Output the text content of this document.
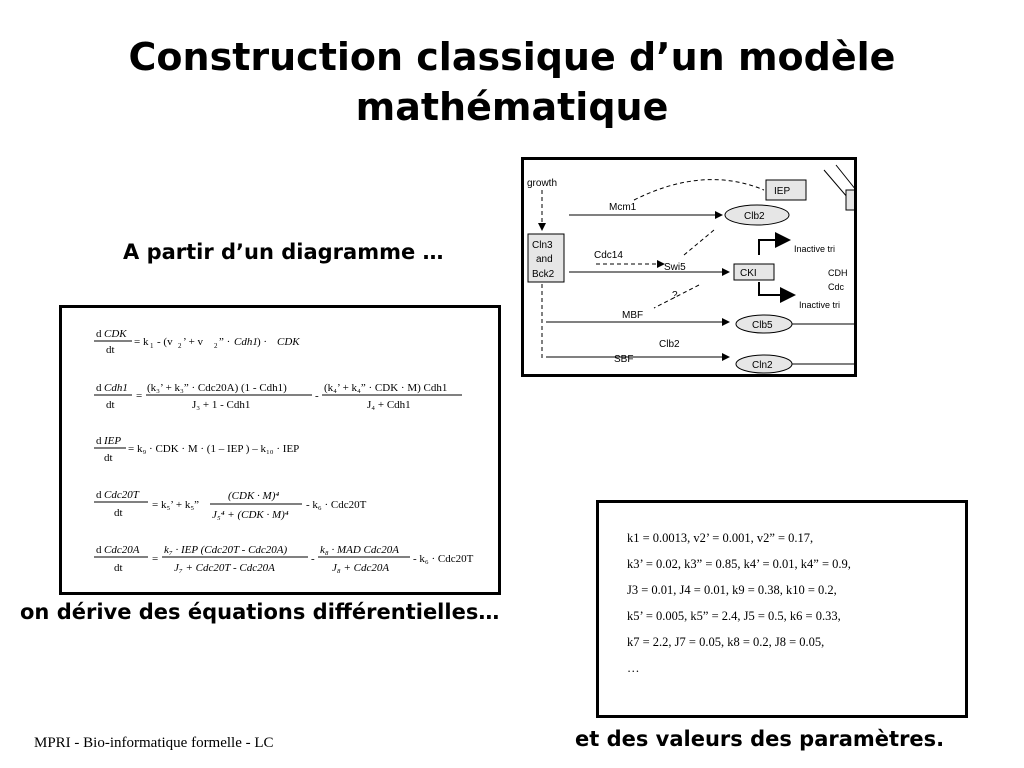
Construction classique d’un modèle
mathématique
A partir d’un diagramme …
growth
Cln3
and
Bck2
Mcm1
Clb2
IEP
Cdc14
Swi5
CKI
Inactive tri
Inactive tri
CDH
Cdc
MBF
?
Clb5
Clb2
SBF
Cln2
d CDK
dt
= k 1 - (v 2 ’ + v 2 ” · Cdh1 ) · CDK
d Cdh1
dt
=
(k₃’ + k₃” · Cdc20A) (1 - Cdh1)
J₃ + 1 - Cdh1
-
(k₄’ + k₄” · CDK · M) Cdh1
J₄ + Cdh1
d IEP
dt
= k₉ · CDK · M · (1 – IEP ) – k₁₀ · IEP
d Cdc20T
dt
= k₅’ + k₅”
(CDK · M)⁴
J₅⁴ + (CDK · M)⁴
- k₆ · Cdc20T
d Cdc20A
dt
=
k₇ · IEP (Cdc20T - Cdc20A)
J₇ + Cdc20T - Cdc20A
-
k₈ · MAD Cdc20A
J₈ + Cdc20A
- k₆ · Cdc20T
on dérive des équations différentielles…
k1 = 0.0013, v2’ = 0.001, v2” = 0.17,
k3’ = 0.02, k3” = 0.85, k4’ = 0.01, k4” = 0.9,
J3 = 0.01, J4 = 0.01, k9 = 0.38, k10 = 0.2,
k5’ = 0.005, k5” = 2.4, J5 = 0.5, k6 = 0.33,
k7 = 2.2, J7 = 0.05, k8 = 0.2, J8 = 0.05,
…
et des valeurs des paramètres.
MPRI - Bio-informatique formelle - LC
